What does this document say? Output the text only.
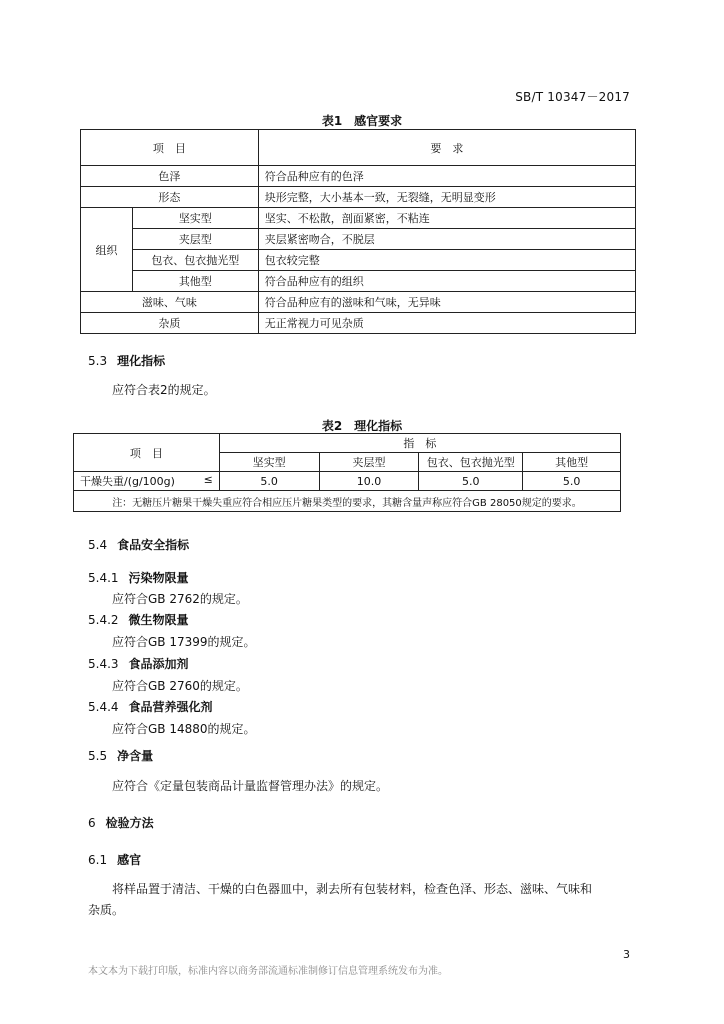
SB/T 10347－2017
表1　感官要求
项　目		要　求
色泽		符合品种应有的色泽
形态		块形完整，大小基本一致，无裂缝，无明显变形
组织	坚实型	坚实、不松散，剖面紧密，不粘连
	夹层型	夹层紧密吻合，不脱层
	包衣、包衣抛光型	包衣较完整
	其他型	符合品种应有的组织
滋味、气味		符合品种应有的滋味和气味，无异味
杂质		无正常视力可见杂质
5.3 理化指标
应符合表2的规定。
表2　理化指标
项　目	指　标			
	坚实型	夹层型	包衣、包衣抛光型	其他型
干燥失重/(g/100g) ≤	5.0	10.0	5.0	5.0
注：无糖压片糖果干燥失重应符合相应压片糖果类型的要求，其糖含量声称应符合GB 28050规定的要求。				
5.4 食品安全指标
5.4.1 污染物限量
应符合GB 2762的规定。
5.4.2 微生物限量
应符合GB 17399的规定。
5.4.3 食品添加剂
应符合GB 2760的规定。
5.4.4 食品营养强化剂
应符合GB 14880的规定。
5.5 净含量
应符合《定量包装商品计量监督管理办法》的规定。
6 检验方法
6.1 感官
将样品置于清洁、干燥的白色器皿中，剥去所有包装材料，检查色泽、形态、滋味、气味和
杂质。
3
本文本为下载打印版，标准内容以商务部流通标准制修订信息管理系统发布为准。
